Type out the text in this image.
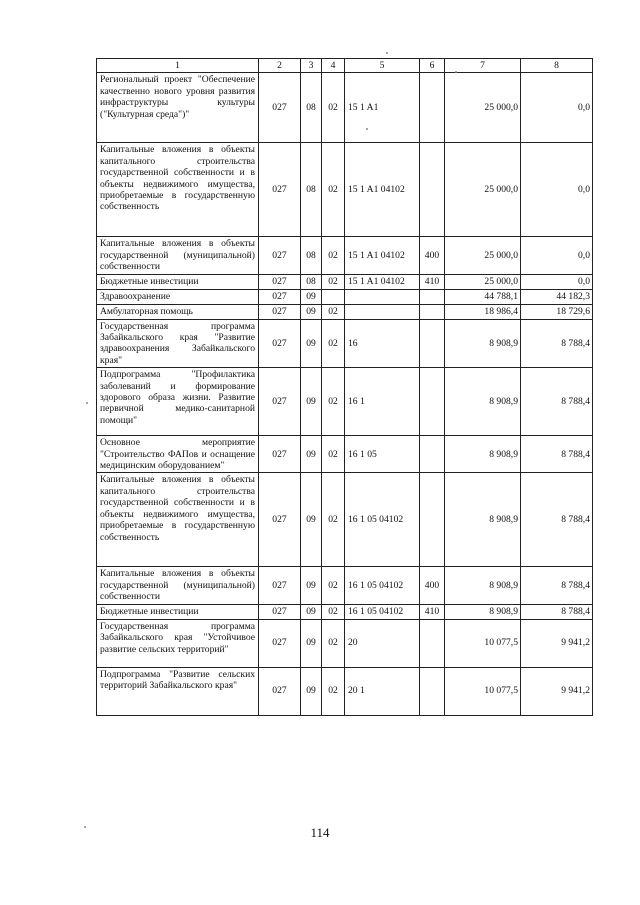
1	2	3	4	5	6	7	8
Региональный проект "Обеспечение качественно нового уровня развития инфраструктуры культуры ("Культурная среда")"	027	08	02	15 1 A1		25 000,0	0,0
Капитальные вложения в объекты капитального строительства государственной собственности и в объекты недвижимого имущества, приобретаемые в государственную собственность	027	08	02	15 1 A1 04102		25 000,0	0,0
Капитальные вложения в объекты государственной (муниципальной) собственности	027	08	02	15 1 A1 04102	400	25 000,0	0,0
Бюджетные инвестиции	027	08	02	15 1 A1 04102	410	25 000,0	0,0
Здравоохранение	027	09				44 788,1	44 182,3
Амбулаторная помощь	027	09	02			18 986,4	18 729,6
Государственная программа Забайкальского края "Развитие здравоохранения Забайкальского края"	027	09	02	16		8 908,9	8 788,4
Подпрограмма "Профилактика заболеваний и формирование здорового образа жизни. Развитие первичной медико-санитарной помощи"	027	09	02	16 1		8 908,9	8 788,4
Основное мероприятие "Строительство ФАПов и оснащение медицинским оборудованием"	027	09	02	16 1 05		8 908,9	8 788,4
Капитальные вложения в объекты капитального строительства государственной собственности и в объекты недвижимого имущества, приобретаемые в государственную собственность	027	09	02	16 1 05 04102		8 908,9	8 788,4
Капитальные вложения в объекты государственной (муниципальной) собственности	027	09	02	16 1 05 04102	400	8 908,9	8 788,4
Бюджетные инвестиции	027	09	02	16 1 05 04102	410	8 908,9	8 788,4
Государственная программа Забайкальского края "Устойчивое развитие сельских территорий"	027	09	02	20		10 077,5	9 941,2
Подпрограмма "Развитие сельских территорий Забайкальского края"	027	09	02	20 1		10 077,5	9 941,2
114
